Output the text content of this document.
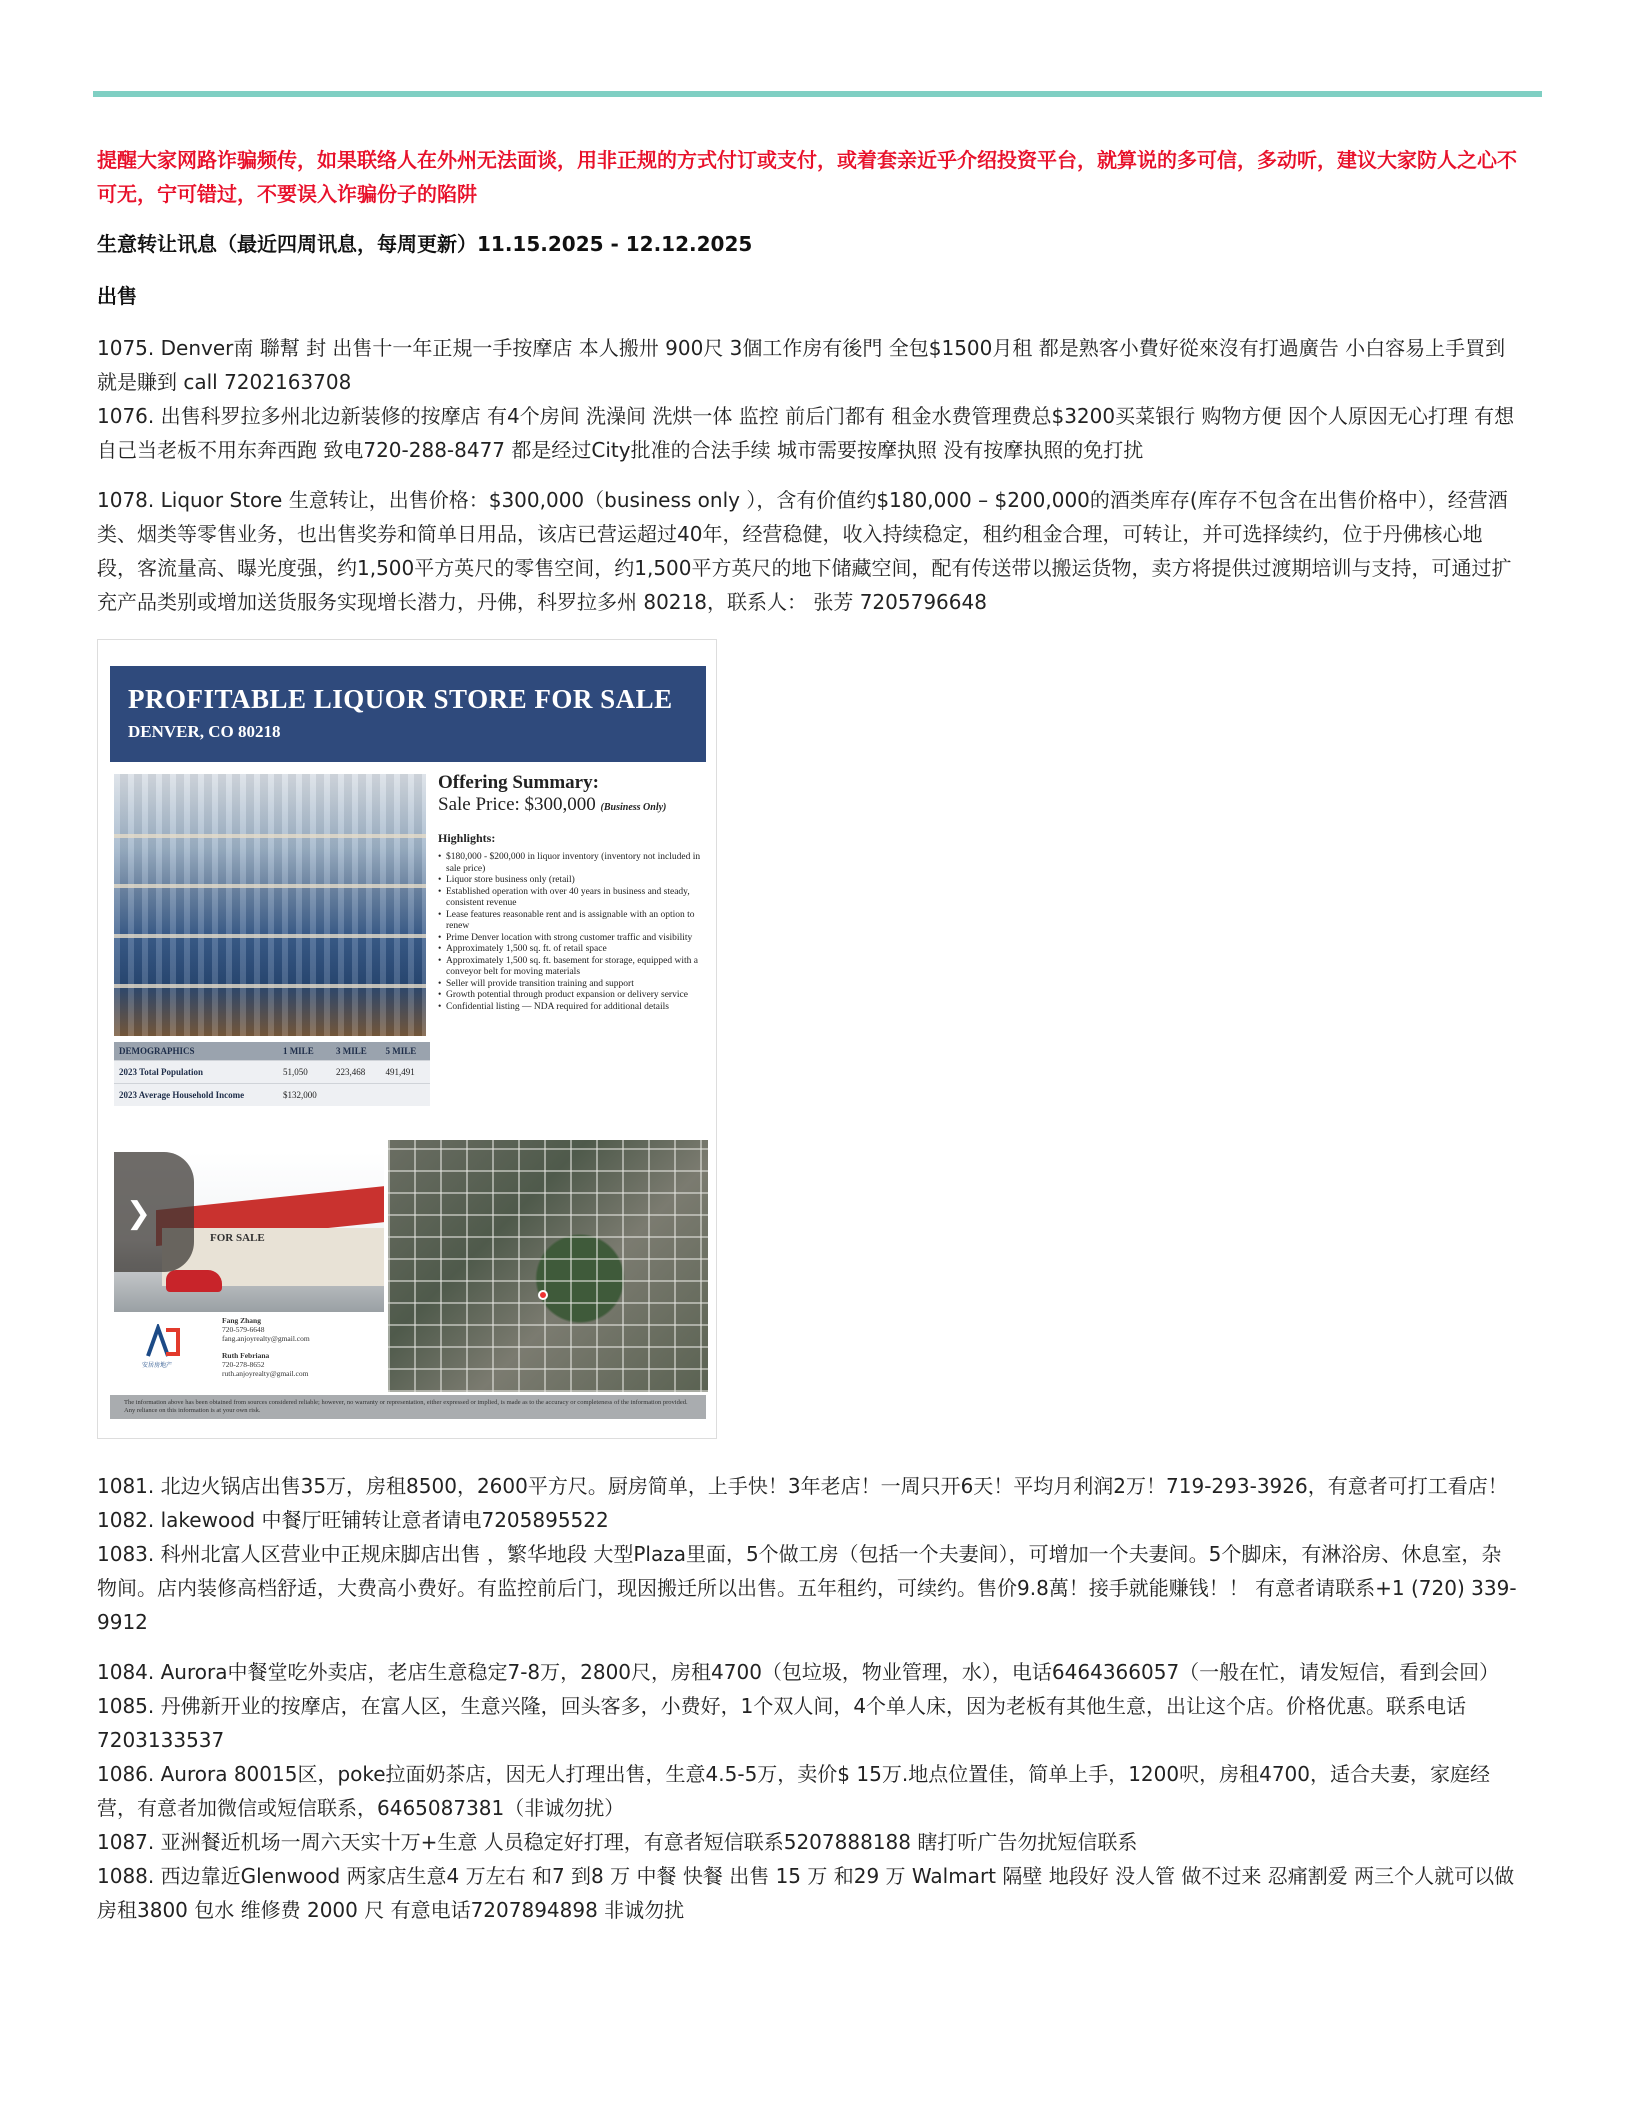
提醒大家网路诈骗频传，如果联络人在外州无法面谈，用非正规的方式付订或支付，或着套亲近乎介绍投资平台，就算说的多可信，多动听，建议大家防人之心不可无，宁可错过，不要误入诈骗份子的陷阱

生意转让讯息（最近四周讯息，每周更新）11.15.2025 - 12.12.2025

出售

1075. Denver南 聯幫 封 出售十一年正規一手按摩店 本人搬卅 900尺 3個工作房有後門 全包$1500月租 都是熟客小費好從來沒有打過廣告 小白容易上手買到就是賺到 call 7202163708

1076. 出售科罗拉多州北边新装修的按摩店 有4个房间 洗澡间 洗烘一体 监控 前后门都有 租金水费管理费总$3200买菜银行 购物方便 因个人原因无心打理 有想自己当老板不用东奔西跑 致电720-288-8477 都是经过City批准的合法手续 城市需要按摩执照 没有按摩执照的免打扰

1078. Liquor Store 生意转让，出售价格：$300,000（business only ），含有价值约$180,000 – $200,000的酒类库存(库存不包含在出售价格中），经营酒类、烟类等零售业务，也出售奖券和简单日用品，该店已营运超过40年，经营稳健，收入持续稳定，租约租金合理，可转让，并可选择续约，位于丹佛核心地段，客流量高、曝光度强，约1,500平方英尺的零售空间，约1,500平方英尺的地下储藏空间，配有传送带以搬运货物，卖方将提供过渡期培训与支持，可通过扩充产品类别或增加送货服务实现增长潜力，丹佛，科罗拉多州 80218，联系人： 张芳 7205796648

PROFITABLE LIQUOR STORE FOR SALE
DENVER, CO 80218
Offering Summary:
Sale Price: $300,000 (Business Only)
Highlights:
• $180,000 - $200,000 in liquor inventory (inventory not included in sale price)
• Liquor store business only (retail)
• Established operation with over 40 years in business and steady, consistent revenue
• Lease features reasonable rent and is assignable with an option to renew
• Prime Denver location with strong customer traffic and visibility
• Approximately 1,500 sq. ft. of retail space
• Approximately 1,500 sq. ft. basement for storage, equipped with a conveyor belt for moving materials
• Seller will provide transition training and support
• Growth potential through product expansion or delivery service
• Confidential listing — NDA required for additional details
DEMOGRAPHICS	1 MILE	3 MILE	5 MILE
2023 Total Population	51,050	223,468	491,491
2023 Average Household Income	$132,000		
FOR SALE
❯
安居房地产
Fang Zhang
720-579-6648
fang.anjoyrealty@gmail.com
Ruth Febriana
720-278-8652
ruth.anjoyrealty@gmail.com
The information above has been obtained from sources considered reliable; however, no warranty or representation, either expressed or implied, is made as to the accuracy or completeness of the information provided. Any reliance on this information is at your own risk.

1081. 北边火锅店出售35万，房租8500，2600平方尺。厨房简单，上手快！3年老店！一周只开6天！平均月利润2万！719-293-3926，有意者可打工看店！

1082. lakewood 中餐厅旺铺转让意者请电7205895522

1083. 科州北富人区营业中正规床脚店出售 ，繁华地段 大型Plaza里面，5个做工房（包括一个夫妻间），可增加一个夫妻间。5个脚床，有淋浴房、休息室，杂物间。店内装修高档舒适，大费高小费好。有监控前后门，现因搬迁所以出售。五年租约，可续约。售价9.8萬！接手就能赚钱！！ 有意者请联系+1 (720) 339-9912

1084. Aurora中餐堂吃外卖店，老店生意稳定7-8万，2800尺，房租4700（包垃圾，物业管理，水），电话6464366057（一般在忙，请发短信，看到会回）

1085. 丹佛新开业的按摩店，在富人区，生意兴隆，回头客多，小费好，1个双人间，4个单人床，因为老板有其他生意，出让这个店。价格优惠。联系电话7203133537

1086. Aurora 80015区，poke拉面奶茶店，因无人打理出售，生意4.5-5万，卖价$ 15万.地点位置佳，简单上手，1200呎，房租4700，适合夫妻，家庭经营，有意者加微信或短信联系，6465087381（非诚勿扰）

1087. 亚洲餐近机场一周六天实十万+生意 人员稳定好打理，有意者短信联系5207888188 瞎打听广告勿扰短信联系

1088. 西边靠近Glenwood 两家店生意4 万左右 和7 到8 万 中餐 快餐 出售 15 万 和29 万 Walmart 隔壁 地段好 没人管 做不过来 忍痛割爱 两三个人就可以做 房租3800 包水 维修费 2000 尺 有意电话7207894898 非诚勿扰
